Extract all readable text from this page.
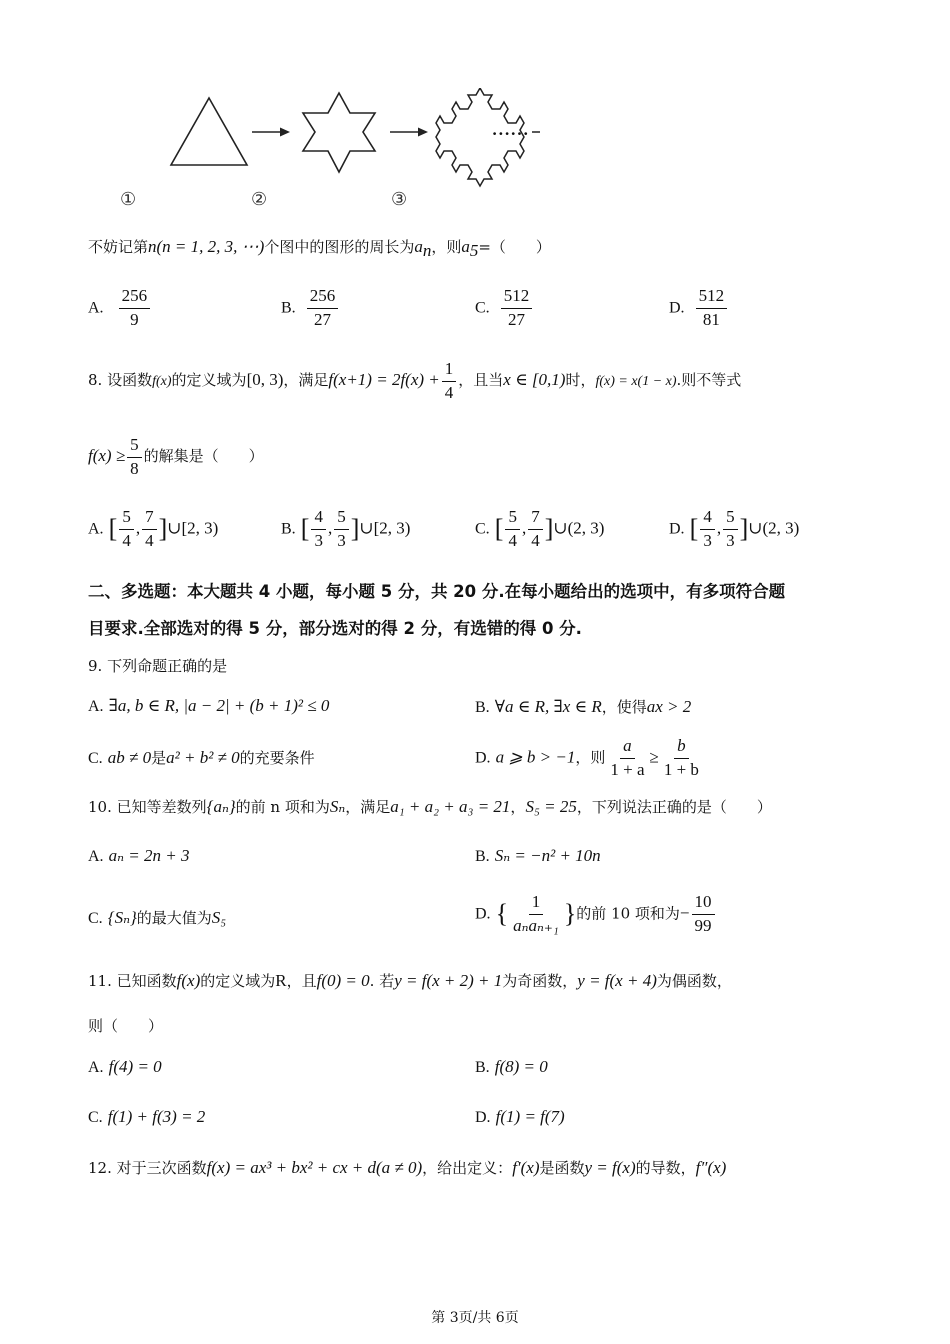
......
①	②	③
不妨记第n(n = 1, 2, 3, ⋯)个图中的图形的周长为$a_n$，则$a_5=$（　　）
A. $\frac{256}{9}$	B. $\frac{256}{27}$	C. $\frac{512}{27}$	D. $\frac{512}{81}$
8. 设函数f(x)的定义域为[0, 3)，满足$f(x+1) = 2f(x) + \frac{1}{4}$ ，且当x ∈ [0,1)时，f(x) = x(1 − x).则不等式
$f(x) \ge \frac{5}{8}$ 的解集是（　　）
A. [ $\frac{5}{4}$ , $\frac{7}{4}$ ]∪[2, 3)	B. [ $\frac{4}{3}$ , $\frac{5}{3}$ ]∪[2, 3)	C. [ $\frac{5}{4}$ , $\frac{7}{4}$ ]∪(2, 3)	D. [ $\frac{4}{3}$ , $\frac{5}{3}$ ]∪(2, 3)
二、多选题：本大题共 4 小题，每小题 5 分，共 20 分.在每小题给出的选项中，有多项符合题
目要求.全部选对的得 5 分，部分选对的得 2 分，有选错的得 0 分.
9. 下列命题正确的是
A. ∃a, b ∈ R, |a − 2| + (b + 1)² ≤ 0	B. ∀a ∈ R, ∃x ∈ R，使得ax > 2
C. ab ≠ 0是a² + b² ≠ 0的充要条件	D. a ⩾ b > −1，则 $\frac{a}{1 + a} \ge \frac{b}{1 + b}$
10. 已知等差数列{aₙ}的前 n 项和为Sₙ，满足a₁ + a₂ + a₃ = 21，S₅ = 25，下列说法正确的是（　　）
A. aₙ = 2n + 3	B. Sₙ = −n² + 10n
C. {Sₙ}的最大值为S₅	D. { $\frac{1}{\text{aₙaₙ₊₁}}$ }的前 10 项和为− $\frac{10}{99}$
11. 已知函数f(x)的定义域为R，且f(0) = 0. 若y = f(x + 2) + 1为奇函数，y = f(x + 4)为偶函数，
则（　　）
A. f(4) = 0	B. f(8) = 0
C. f(1) + f(3) = 2	D. f(1) = f(7)
12. 对于三次函数f(x) = ax³ + bx² + cx + d(a ≠ 0)，给出定义：f′(x)是函数y = f(x)的导数，f″(x)
第 3页/共 6页
